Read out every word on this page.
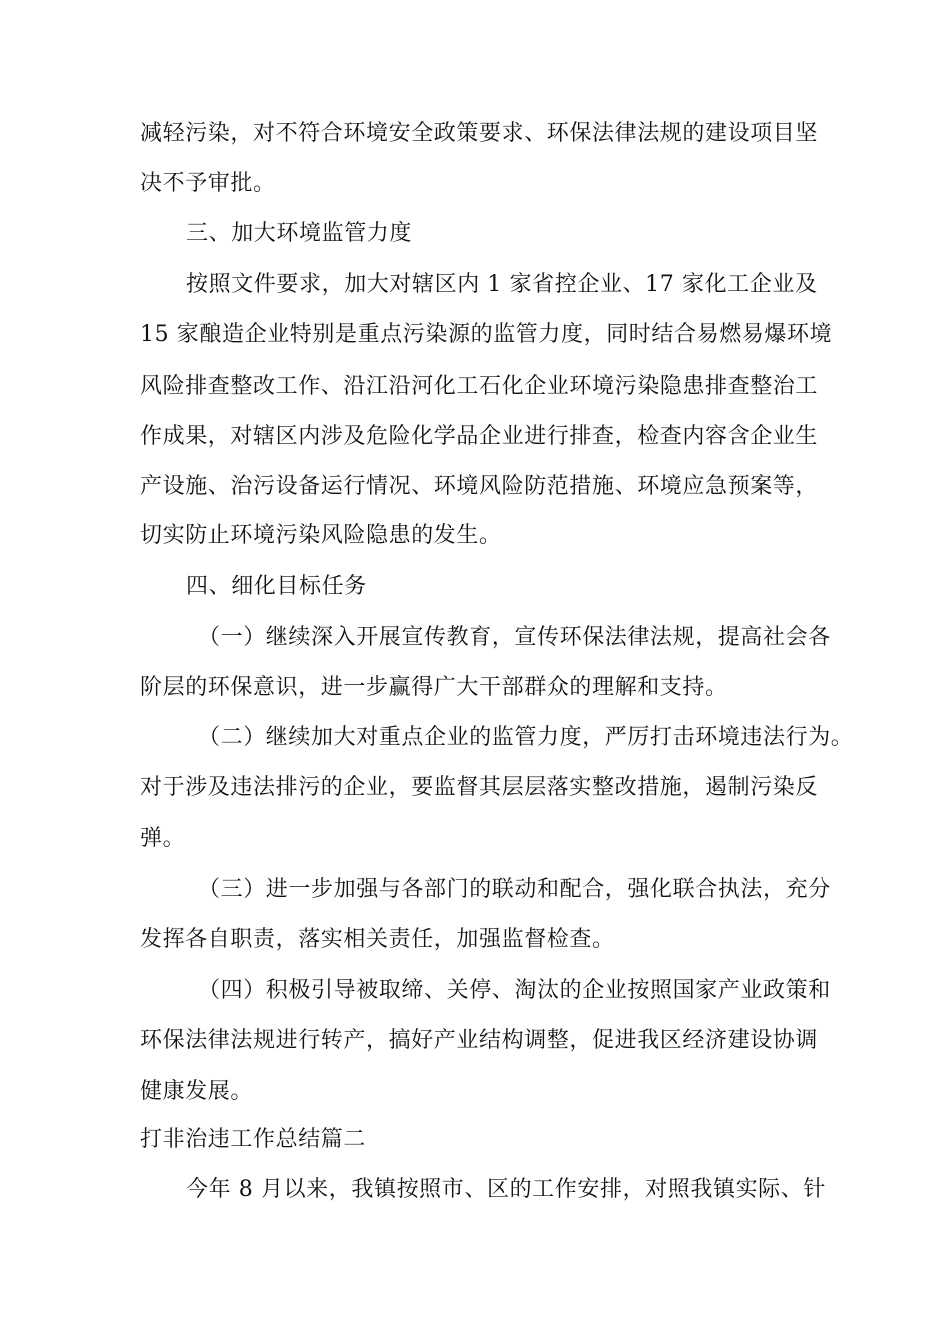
减轻污染，对不符合环境安全政策要求、环保法律法规的建设项目坚
决不予审批。
三、加大环境监管力度
按照文件要求，加大对辖区内 1 家省控企业、17 家化工企业及
15 家酿造企业特别是重点污染源的监管力度，同时结合易燃易爆环境
风险排查整改工作、沿江沿河化工石化企业环境污染隐患排查整治工
作成果，对辖区内涉及危险化学品企业进行排查，检查内容含企业生
产设施、治污设备运行情况、环境风险防范措施、环境应急预案等，
切实防止环境污染风险隐患的发生。
四、细化目标任务
（一）继续深入开展宣传教育，宣传环保法律法规，提高社会各
阶层的环保意识，进一步赢得广大干部群众的理解和支持。
（二）继续加大对重点企业的监管力度，严厉打击环境违法行为。
对于涉及违法排污的企业，要监督其层层落实整改措施，遏制污染反
弹。
（三）进一步加强与各部门的联动和配合，强化联合执法，充分
发挥各自职责，落实相关责任，加强监督检查。
（四）积极引导被取缔、关停、淘汰的企业按照国家产业政策和
环保法律法规进行转产，搞好产业结构调整，促进我区经济建设协调
健康发展。
打非治违工作总结篇二
今年 8 月以来，我镇按照市、区的工作安排，对照我镇实际、针
